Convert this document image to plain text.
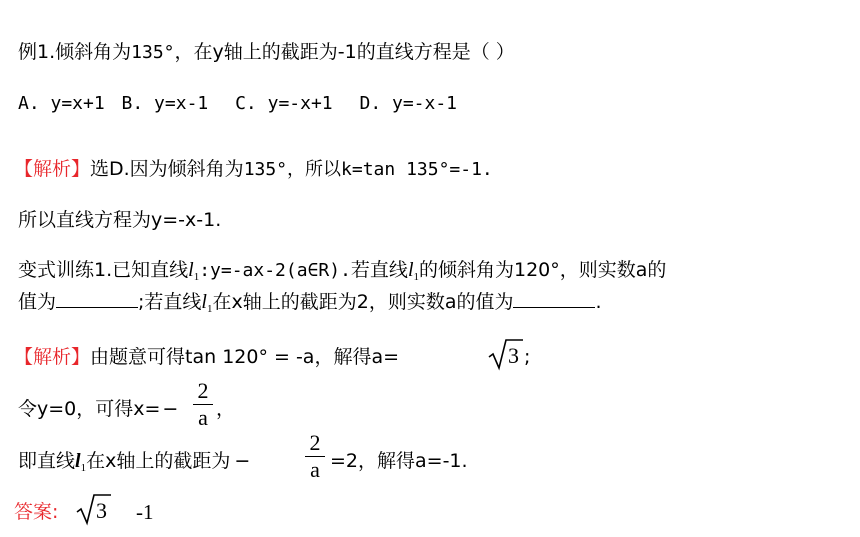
例1.倾斜角为135°，在y轴上的截距为-1的直线方程是（ ）
A. y=x+1 B. y=x-1 C. y=-x+1 D. y=-x-1
【解析】选D.因为倾斜角为135°，所以k=tan 135°=-1.
所以直线方程为y=-x-1.
变式训练1.已知直线$l_1:y=-ax-2(a\in R)$.若直线$l_1$的倾斜角为120°，则实数a的
值为	;若直线$l_1$在x轴上的截距为2，则实数a的值为	.
【解析】由题意可得tan 120° = -a，解得a=	3 ;
令y=0，可得x= −
2
a ，
即直线$l_1$在x轴上的截距为 −
2
a =2，解得a=-1.
答案: 3 -1
